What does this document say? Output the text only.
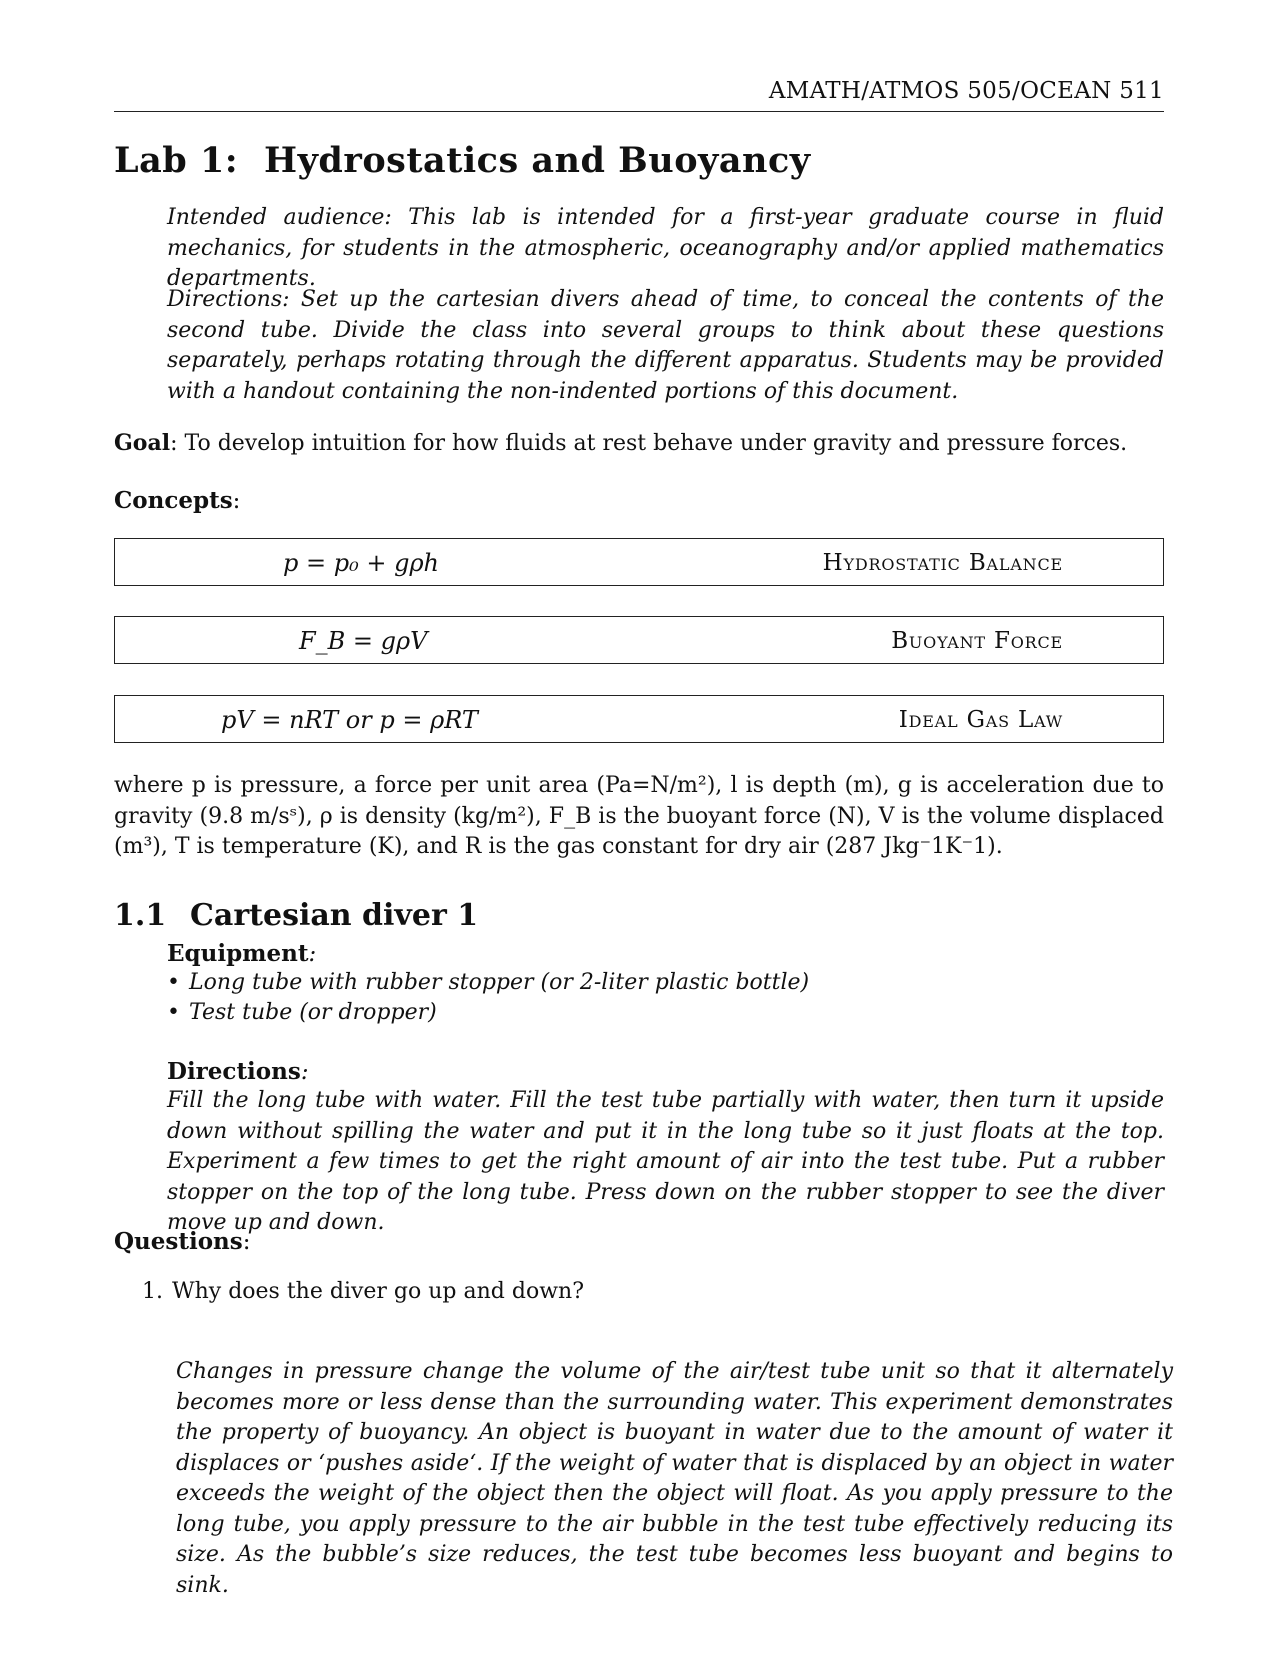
AMATH/ATMOS 505/OCEAN 511
Lab 1: Hydrostatics and Buoyancy
Intended audience: This lab is intended for a first-year graduate course in fluid mechanics, for students in the atmospheric, oceanography and/or applied mathematics departments.
Directions: Set up the cartesian divers ahead of time, to conceal the contents of the second tube. Divide the class into several groups to think about these questions separately, perhaps rotating through the different apparatus. Students may be provided with a handout containing the non-indented portions of this document.
Goal: To develop intuition for how fluids at rest behave under gravity and pressure forces.
Concepts:
p = p₀ + gρh	Hydrostatic Balance
F_B = gρV	Buoyant Force
pV = nRT or p = ρRT	Ideal Gas Law
where p is pressure, a force per unit area (Pa=N/m²), l is depth (m), g is acceleration due to gravity (9.8 m/sˢ), ρ is density (kg/m²), F_B is the buoyant force (N), V is the volume displaced (m³), T is temperature (K), and R is the gas constant for dry air (287 Jkg⁻1K⁻1).
1.1 Cartesian diver 1
Equipment:
• Long tube with rubber stopper (or 2-liter plastic bottle)
• Test tube (or dropper)
Directions:
Fill the long tube with water. Fill the test tube partially with water, then turn it upside down without spilling the water and put it in the long tube so it just floats at the top. Experiment a few times to get the right amount of air into the test tube. Put a rubber stopper on the top of the long tube. Press down on the rubber stopper to see the diver move up and down.
Questions:
1. Why does the diver go up and down?
Changes in pressure change the volume of the air/test tube unit so that it alternately becomes more or less dense than the surrounding water. This experiment demonstrates the property of buoyancy. An object is buoyant in water due to the amount of water it displaces or ‘pushes aside‘. If the weight of water that is displaced by an object in water exceeds the weight of the object then the object will float. As you apply pressure to the long tube, you apply pressure to the air bubble in the test tube effectively reducing its size. As the bubble’s size reduces, the test tube becomes less buoyant and begins to sink.
